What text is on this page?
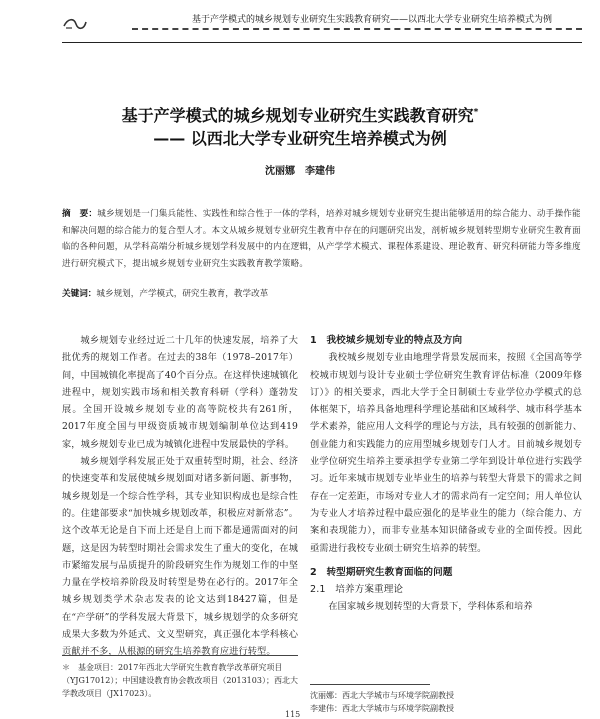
基于产学模式的城乡规划专业研究生实践教育研究——以西北大学专业研究生培养模式为例
基于产学模式的城乡规划专业研究生实践教育研究*
—— 以西北大学专业研究生培养模式为例
沈丽娜　李建伟
摘　要：城乡规划是一门集兵能性、实践性和综合性于一体的学科，培养对城乡规划专业研究生提出能够适用的综合能力、动手操作能和解决问题的综合能力的复合型人才。本文从城乡规划专业研究生教育中存在的问题研究出发，剖析城乡规划转型期专业研究生教育面临的各种问题，从学科高端分析城乡规划学科发展中的内在逻辑，从产学学术模式、课程体系建设、理论教育、研究科研能力等多维度进行研究模式下，提出城乡规划专业研究生实践教育教学策略。
关键词：城乡规划，产学模式，研究生教育，教学改革

城乡规划专业经过近二十几年的快速发展，培养了大批优秀的规划工作者。在过去的38年（1978–2017年）间，中国城镇化率提高了40个百分点。在这样快速城镇化进程中，规划实践市场和相关教育科研（学科）蓬勃发展。全国开设城乡规划专业的高等院校共有261所，2017年度全国与甲级资质城市规划编制单位达到419家，城乡规划专业已成为城镇化进程中发展最快的学科。

城乡规划学科发展正处于双重转型时期，社会、经济的快速变革和发展使城乡规划面对诸多新问题、新事物，城乡规划是一个综合性学科，其专业知识构成也是综合性的。住建部要求“加快城乡规划改革，积极应对新常态”。这个改革无论是自下而上还是自上而下都是通需面对的问题，这是因为转型时期社会需求发生了重大的变化，在城市紧缩发展与品质提升的阶段研究生作为规划工作的中坚力量在学校培养阶段及时转型是势在必行的。2017年全城乡规划类学术杂志发表的论文达到18427篇，但是在“产学研”的学科发展大背景下，城乡规划学的众多研究成果大多数为外延式、文义型研究，真正强化本学科核心贡献并不多，从根源的研究生培养教育应进行转型。

1　 我校城乡规划专业的特点及方向

我校城乡规划专业由地理学背景发展而来，按照《全国高等学校城市规划与设计专业硕士学位研究生教育评估标准（2009年修订）》的相关要求，西北大学于全日制硕士专业学位办学模式的总体框架下，培养具备地理科学理论基础和区域科学、城市科学基本学术素养，能应用人文科学的理论与方法，具有较强的创新能力、创业能力和实践能力的应用型城乡规划专门人才。目前城乡规划专业学位研究生培养主要承担学专业第二学年到设计单位进行实践学习。近年来城市规划专业毕业生的培养与转型大背景下的需求之间存在一定差距，市场对专业人才的需求尚有一定空间；用人单位认为专业人才培养过程中最应强化的是毕业生的能力（综合能力、方案和表现能力），而非专业基本知识储备或专业的全面传授。因此亟需进行我校专业硕士研究生培养的转型。

2　 转型期研究生教育面临的问题

2.1　 培养方案重理论

在国家城乡规划转型的大背景下，学科体系和培养

＊　基金项目：2017年西北大学研究生教育教学改革研究项目（YJG17012）；中国建设教育协会教改项目（2013103）；西北大学教改项目（JX17023）。	沈丽娜：西北大学城市与环境学院副教授
李建伟：西北大学城市与环境学院副教授
115
